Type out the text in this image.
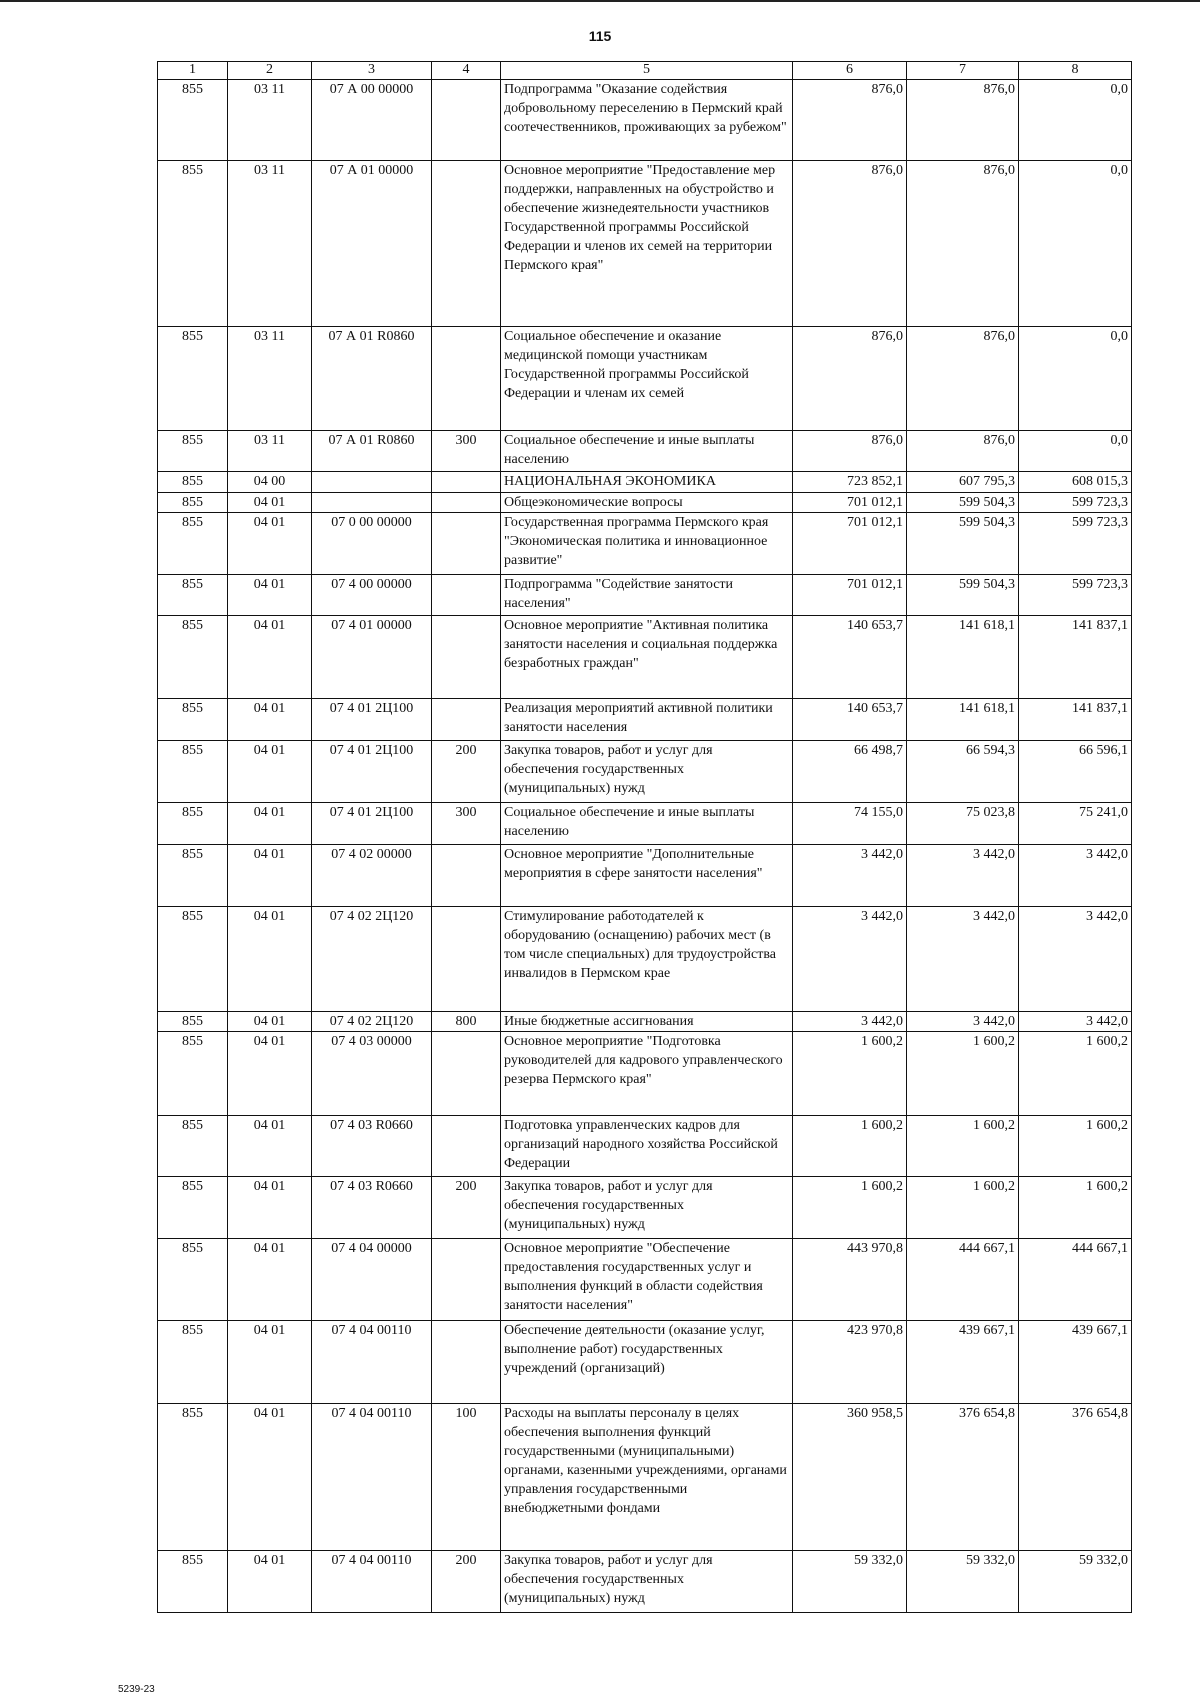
115
1	2	3	4	5	6	7	8
855	03 11	07 А 00 00000		Подпрограмма "Оказание содействия добровольному переселению в Пермский край соотечественников, проживающих за рубежом"	876,0	876,0	0,0
855	03 11	07 А 01 00000		Основное мероприятие "Предоставление мер поддержки, направленных на обустройство и обеспечение жизнедеятельности участников Государственной программы Российской Федерации и членов их семей на территории Пермского края"	876,0	876,0	0,0
855	03 11	07 А 01 R0860		Социальное обеспечение и оказание медицинской помощи участникам Государственной программы Российской Федерации и членам их семей	876,0	876,0	0,0
855	03 11	07 А 01 R0860	300	Социальное обеспечение и иные выплаты населению	876,0	876,0	0,0
855	04 00			НАЦИОНАЛЬНАЯ ЭКОНОМИКА	723 852,1	607 795,3	608 015,3
855	04 01			Общеэкономические вопросы	701 012,1	599 504,3	599 723,3
855	04 01	07 0 00 00000		Государственная программа Пермского края "Экономическая политика и инновационное развитие"	701 012,1	599 504,3	599 723,3
855	04 01	07 4 00 00000		Подпрограмма "Содействие занятости населения"	701 012,1	599 504,3	599 723,3
855	04 01	07 4 01 00000		Основное мероприятие "Активная политика занятости населения и социальная поддержка безработных граждан"	140 653,7	141 618,1	141 837,1
855	04 01	07 4 01 2Ц100		Реализация мероприятий активной политики занятости населения	140 653,7	141 618,1	141 837,1
855	04 01	07 4 01 2Ц100	200	Закупка товаров, работ и услуг для обеспечения государственных (муниципальных) нужд	66 498,7	66 594,3	66 596,1
855	04 01	07 4 01 2Ц100	300	Социальное обеспечение и иные выплаты населению	74 155,0	75 023,8	75 241,0
855	04 01	07 4 02 00000		Основное мероприятие "Дополнительные мероприятия в сфере занятости населения"	3 442,0	3 442,0	3 442,0
855	04 01	07 4 02 2Ц120		Стимулирование работодателей к оборудованию (оснащению) рабочих мест (в том числе специальных) для трудоустройства инвалидов в Пермском крае	3 442,0	3 442,0	3 442,0
855	04 01	07 4 02 2Ц120	800	Иные бюджетные ассигнования	3 442,0	3 442,0	3 442,0
855	04 01	07 4 03 00000		Основное мероприятие "Подготовка руководителей для кадрового управленческого резерва Пермского края"	1 600,2	1 600,2	1 600,2
855	04 01	07 4 03 R0660		Подготовка управленческих кадров для организаций народного хозяйства Российской Федерации	1 600,2	1 600,2	1 600,2
855	04 01	07 4 03 R0660	200	Закупка товаров, работ и услуг для обеспечения государственных (муниципальных) нужд	1 600,2	1 600,2	1 600,2
855	04 01	07 4 04 00000		Основное мероприятие "Обеспечение предоставления государственных услуг и выполнения функций в области содействия занятости населения"	443 970,8	444 667,1	444 667,1
855	04 01	07 4 04 00110		Обеспечение деятельности (оказание услуг, выполнение работ) государственных учреждений (организаций)	423 970,8	439 667,1	439 667,1
855	04 01	07 4 04 00110	100	Расходы на выплаты персоналу в целях обеспечения выполнения функций государственными (муниципальными) органами, казенными учреждениями, органами управления государственными внебюджетными фондами	360 958,5	376 654,8	376 654,8
855	04 01	07 4 04 00110	200	Закупка товаров, работ и услуг для обеспечения государственных (муниципальных) нужд	59 332,0	59 332,0	59 332,0
5239-23
